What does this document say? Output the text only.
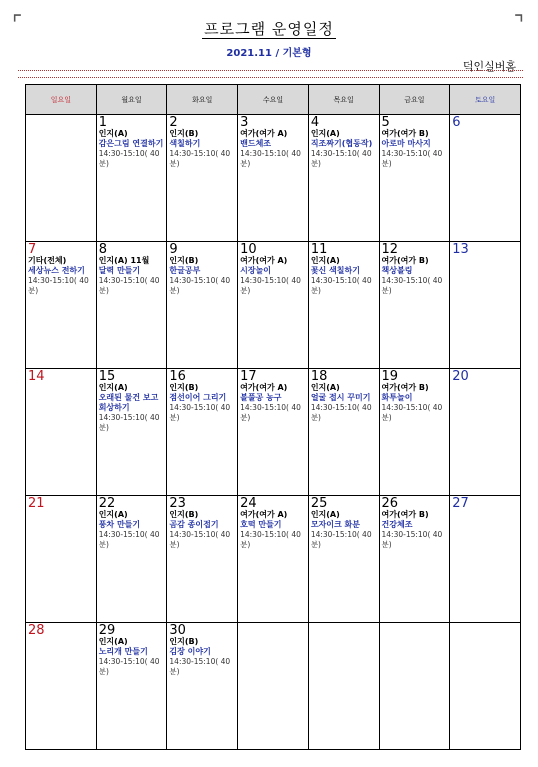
⌜	⌝
프로그램 운영일정
2021.11 / 기본형
덕인실버홈
일요일	월요일	화요일	수요일	목요일	금요일	토요일

	1
인지(A)
감은그림 연결하기
14:30-15:10( 40분)	2
인지(B)
색칠하기
14:30-15:10( 40분)	3
여가(여가 A)
밴드체조
14:30-15:10( 40분)	4
인지(A)
직조짜기(협동작)
14:30-15:10( 40분)	5
여가(여가 B)
아로마 마사지
14:30-15:10( 40분)	6

7
기타(전체)
세상뉴스 전하기
14:30-15:10( 40분)	8
인지(A) 11월
달력 만들기
14:30-15:10( 40분)	9
인지(B)
한글공부
14:30-15:10( 40분)	10
여가(여가 A)
시장놀이
14:30-15:10( 40분)	11
인지(A)
꽃신 색칠하기
14:30-15:10( 40분)	12
여가(여가 B)
책상볼링
14:30-15:10( 40분)	13

14	15
인지(A)
오래된 물건 보고 회상하기
14:30-15:10( 40분)	16
인지(B)
점선이어 그리기
14:30-15:10( 40분)	17
여가(여가 A)
볼풀공 농구
14:30-15:10( 40분)	18
인지(A)
얼굴 접시 꾸미기
14:30-15:10( 40분)	19
여가(여가 B)
화투놀이
14:30-15:10( 40분)	20

21	22
인지(A)
풍차 만들기
14:30-15:10( 40분)	23
인지(B)
곰감 종이접기
14:30-15:10( 40분)	24
여가(여가 A)
호떡 만들기
14:30-15:10( 40분)	25
인지(A)
모자이크 화분
14:30-15:10( 40분)	26
여가(여가 B)
건강체조
14:30-15:10( 40분)	27

28	29
인지(A)
노리개 만들기
14:30-15:10( 40분)	30
인지(B)
김장 이야기
14:30-15:10( 40분)				
